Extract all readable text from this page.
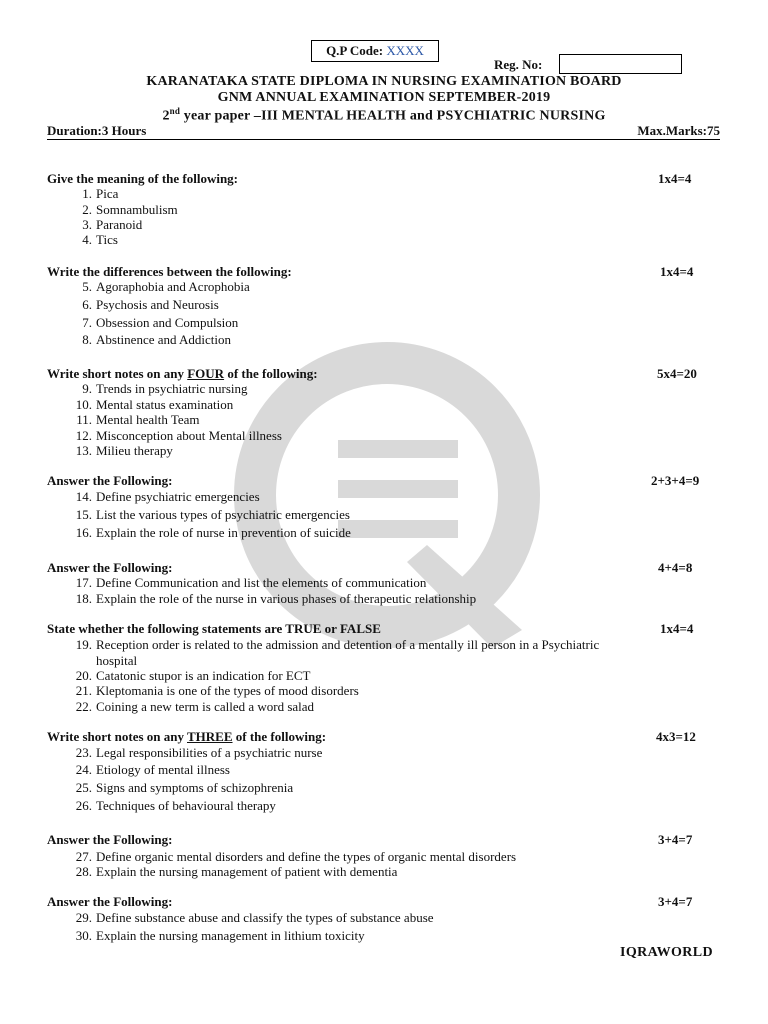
Q.P Code: XXXX
Reg. No:
KARANATAKA STATE DIPLOMA IN NURSING EXAMINATION BOARD
GNM ANNUAL EXAMINATION SEPTEMBER-2019
2nd year paper –III MENTAL HEALTH and PSYCHIATRIC NURSING
Duration:3 Hours	Max.Marks:75
Give the meaning of the following:	1x4=4
1. Pica
2. Somnambulism
3. Paranoid
4. Tics
Write the differences between the following:	1x4=4
5. Agoraphobia and Acrophobia
6. Psychosis and Neurosis
7. Obsession and Compulsion
8. Abstinence and Addiction
Write short notes on any FOUR of the following:	5x4=20
9. Trends in psychiatric nursing
10. Mental status examination
11. Mental health Team
12. Misconception about Mental illness
13. Milieu therapy
Answer the Following:	2+3+4=9
14. Define psychiatric emergencies
15. List the various types of psychiatric emergencies
16. Explain the role of nurse in prevention of suicide
Answer the Following:	4+4=8
17. Define Communication and list the elements of communication
18. Explain the role of the nurse in various phases of therapeutic relationship
State whether the following statements are TRUE or FALSE	1x4=4
19. Reception order is related to the admission and detention of a mentally ill person in a Psychiatric hospital
20. Catatonic stupor is an indication for ECT
21. Kleptomania is one of the types of mood disorders
22. Coining a new term is called a word salad
Write short notes on any THREE of the following:	4x3=12
23. Legal responsibilities of a psychiatric nurse
24. Etiology of mental illness
25. Signs and symptoms of schizophrenia
26. Techniques of behavioural therapy
Answer the Following:	3+4=7
27. Define organic mental disorders and define the types of organic mental disorders
28. Explain the nursing management of patient with dementia
Answer the Following:	3+4=7
29. Define substance abuse and classify the types of substance abuse
30. Explain the nursing management in lithium toxicity
IQRAWORLD
